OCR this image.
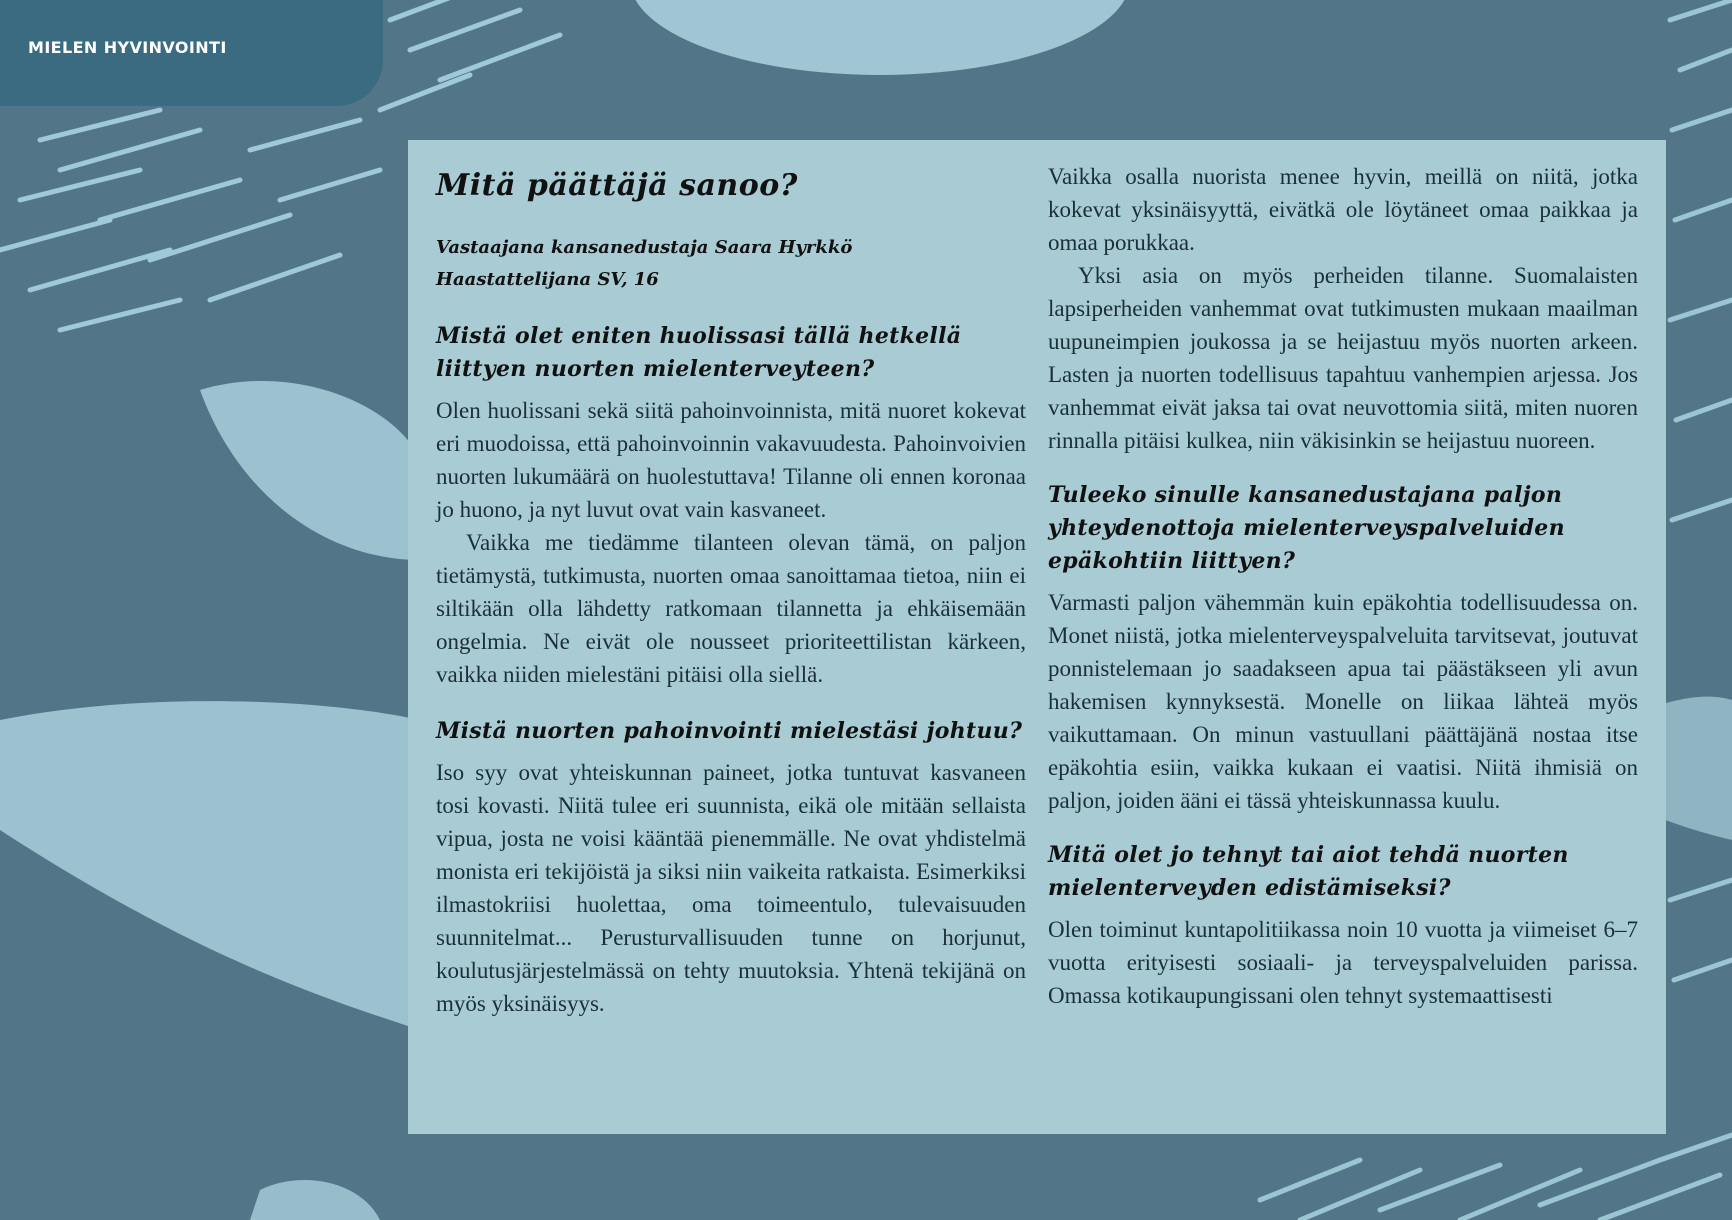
MIELEN HYVINVOINTI
Mitä päättäjä sanoo?
Vastaajana kansanedustaja Saara Hyrkkö
Haastattelijana SV, 16
Mistä olet eniten huolissasi tällä hetkellä liittyen nuorten mielenterveyteen?

Olen huolissani sekä siitä pahoinvoinnista, mitä nuoret kokevat eri muodoissa, että pahoinvoinnin vakavuudesta. Pahoinvoivien nuorten lukumäärä on huolestuttava! Tilanne oli ennen koronaa jo huono, ja nyt luvut ovat vain kasvaneet.

Vaikka me tiedämme tilanteen olevan tämä, on paljon tietämystä, tutkimusta, nuorten omaa sanoittamaa tietoa, niin ei siltikään olla lähdetty ratkomaan tilannetta ja ehkäisemään ongelmia. Ne eivät ole nousseet prioriteettilistan kärkeen, vaikka niiden mielestäni pitäisi olla siellä.

Mistä nuorten pahoinvointi mielestäsi johtuu?

Iso syy ovat yhteiskunnan paineet, jotka tuntuvat kasvaneen tosi kovasti. Niitä tulee eri suunnista, eikä ole mitään sellaista vipua, josta ne voisi kääntää pienemmälle. Ne ovat yhdistelmä monista eri tekijöistä ja siksi niin vaikeita ratkaista. Esimerkiksi ilmastokriisi huolettaa, oma toimeentulo, tulevaisuuden suunnitelmat... Perusturvallisuuden tunne on horjunut, koulutusjärjestelmässä on tehty muutoksia. Yhtenä tekijänä on myös yksinäisyys.

Vaikka osalla nuorista menee hyvin, meillä on niitä, jotka kokevat yksinäisyyttä, eivätkä ole löytäneet omaa paikkaa ja omaa porukkaa.

Yksi asia on myös perheiden tilanne. Suomalaisten lapsiperheiden vanhemmat ovat tutkimusten mukaan maailman uupuneimpien joukossa ja se heijastuu myös nuorten arkeen. Lasten ja nuorten todellisuus tapahtuu vanhempien arjessa. Jos vanhemmat eivät jaksa tai ovat neuvottomia siitä, miten nuoren rinnalla pitäisi kulkea, niin väkisinkin se heijastuu nuoreen.

Tuleeko sinulle kansanedustajana paljon yhteydenottoja mielenterveyspalveluiden epäkohtiin liittyen?

Varmasti paljon vähemmän kuin epäkohtia todellisuudessa on. Monet niistä, jotka mielenterveyspalveluita tarvitsevat, joutuvat ponnistelemaan jo saadakseen apua tai päästäkseen yli avun hakemisen kynnyksestä. Monelle on liikaa lähteä myös vaikuttamaan. On minun vastuullani päättäjänä nostaa itse epäkohtia esiin, vaikka kukaan ei vaatisi. Niitä ihmisiä on paljon, joiden ääni ei tässä yhteiskunnassa kuulu.

Mitä olet jo tehnyt tai aiot tehdä nuorten mielenterveyden edistämiseksi?

Olen toiminut kuntapolitiikassa noin 10 vuotta ja viimeiset 6–7 vuotta erityisesti sosiaali- ja terveyspalveluiden parissa. Omassa kotikaupungissani olen tehnyt systemaattisesti
